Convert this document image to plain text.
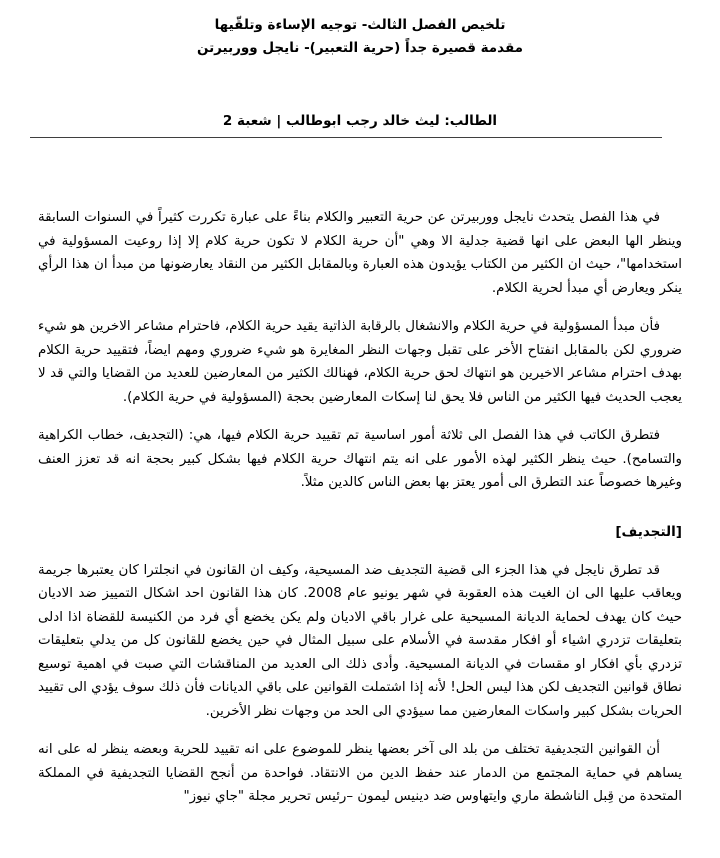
تلخيص الفصل الثالث- توجيه الإساءة وتلقّيها
مقدمة قصيرة جداً (حرية التعبير)- نايجل ووربيرتن
الطالب: ليث خالد رجب ابوطالب | شعبة 2

في هذا الفصل يتحدث نايجل ووربيرتن عن حرية التعبير والكلام بناءً على عبارة تكررت كثيراً في السنوات السابقة وينظر الها البعض على انها قضية جدلية الا وهي "أن حرية الكلام لا تكون حرية كلام إلا إذا روعيت المسؤولية في استخدامها"، حيث ان الكثير من الكتاب يؤيدون هذه العبارة وبالمقابل الكثير من النقاد يعارضونها من مبدأ ان هذا الرأي ينكر ويعارض أي مبدأ لحرية الكلام.

فأن مبدأ المسؤولية في حرية الكلام والانشغال بالرقابة الذاتية يقيد حرية الكلام، فاحترام مشاعر الاخرين هو شيء ضروري لكن بالمقابل انفتاح الأخر على تقبل وجهات النظر المغايرة هو شيء ضروري ومهم ايضاً، فتقييد حرية الكلام بهدف احترام مشاعر الاخيرين هو انتهاك لحق حرية الكلام، فهنالك الكثير من المعارضين للعديد من القضايا والتي قد لا يعجب الحديث فيها الكثير من الناس فلا يحق لنا إسكات المعارضين بحجة (المسؤولية في حرية الكلام).

فتطرق الكاتب في هذا الفصل الى ثلاثة أمور اساسية تم تقييد حرية الكلام فيها، هي: (التجديف، خطاب الكراهية والتسامح). حيث ينظر الكثير لهذه الأمور على انه يتم انتهاك حرية الكلام فيها بشكل كبير بحجة انه قد تعزز العنف وغيرها خصوصاً عند التطرق الى أمور يعتز بها بعض الناس كالدين مثلاً.

[التجديف]

قد تطرق نايجل في هذا الجزء الى قضية التجديف ضد المسيحية، وكيف ان القانون في انجلترا كان يعتبرها جريمة ويعاقب عليها الى ان الغيت هذه العقوبة في شهر يونيو عام 2008. كان هذا القانون احد اشكال التمييز ضد الاديان حيث كان يهدف لحماية الديانة المسيحية على غرار باقي الاديان ولم يكن يخضع أي فرد من الكنيسة للقضاة اذا ادلى بتعليقات تزدري اشياء أو افكار مقدسة في الأسلام على سبيل المثال في حين يخضع للقانون كل من يدلي بتعليقات تزدري بأي افكار او مقسات في الديانة المسيحية. وأدى ذلك الى العديد من المناقشات التي صبت في اهمية توسيع نطاق قوانين التجديف لكن هذا ليس الحل! لأنه إذا اشتملت القوانين على باقي الديانات فأن ذلك سوف يؤدي الى تقييد الحريات بشكل كبير واسكات المعارضين مما سيؤدي الى الحد من وجهات نظر الأخرين.

أن القوانين التجديفية تختلف من بلد الى آخر بعضها ينظر للموضوع على انه تقييد للحرية وبعضه ينظر له على انه يساهم في حماية المجتمع من الدمار عند حفظ الدين من الانتقاد. فواحدة من أنجح القضايا التجديفية في المملكة المتحدة من قِبل الناشطة ماري وايتهاوس ضد دينيس ليمون –رئيس تحرير مجلة "جاي نيوز"
